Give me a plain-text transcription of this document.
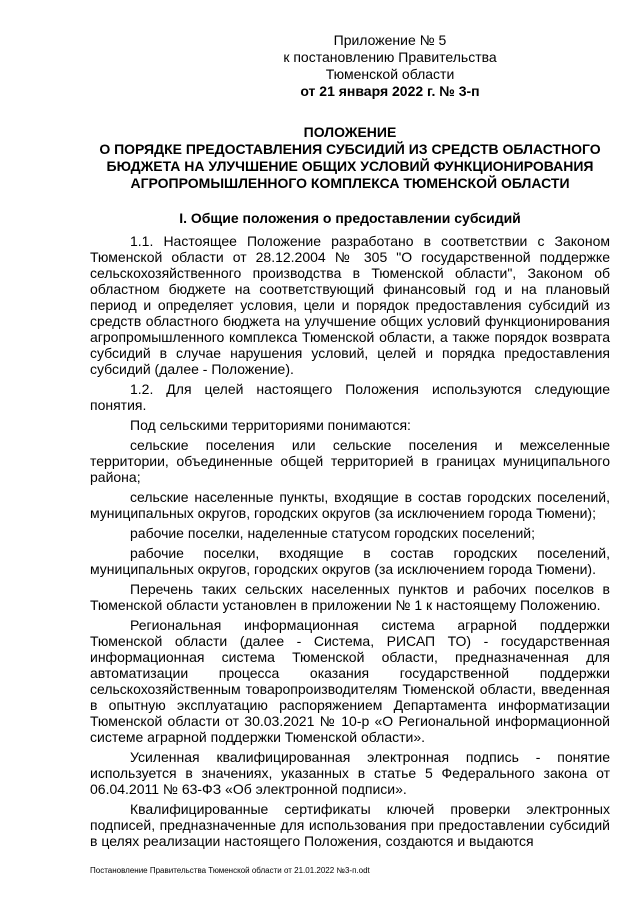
Приложение № 5
к постановлению Правительства
Тюменской области
от 21 января 2022 г. № 3-п
ПОЛОЖЕНИЕ
О ПОРЯДКЕ ПРЕДОСТАВЛЕНИЯ СУБСИДИЙ ИЗ СРЕДСТВ ОБЛАСТНОГО
БЮДЖЕТА НА УЛУЧШЕНИЕ ОБЩИХ УСЛОВИЙ ФУНКЦИОНИРОВАНИЯ
АГРОПРОМЫШЛЕННОГО КОМПЛЕКСА ТЮМЕНСКОЙ ОБЛАСТИ
I. Общие положения о предоставлении субсидий

1.1. Настоящее Положение разработано в соответствии с Законом Тюменской области от 28.12.2004 № 305 "О государственной поддержке сельскохозяйственного производства в Тюменской области", Законом об областном бюджете на соответствующий финансовый год и на плановый период и определяет условия, цели и порядок предоставления субсидий из средств областного бюджета на улучшение общих условий функционирования агропромышленного комплекса Тюменской области, а также порядок возврата субсидий в случае нарушения условий, целей и порядка предоставления субсидий (далее - Положение).

1.2. Для целей настоящего Положения используются следующие понятия.

Под сельскими территориями понимаются:

сельские поселения или сельские поселения и межселенные территории, объединенные общей территорией в границах муниципального района;

сельские населенные пункты, входящие в состав городских поселений, муниципальных округов, городских округов (за исключением города Тюмени);

рабочие поселки, наделенные статусом городских поселений;

рабочие поселки, входящие в состав городских поселений, муниципальных округов, городских округов (за исключением города Тюмени).

Перечень таких сельских населенных пунктов и рабочих поселков в Тюменской области установлен в приложении № 1 к настоящему Положению.

Региональная информационная система аграрной поддержки Тюменской области (далее - Система, РИСАП ТО) - государственная информационная система Тюменской области, предназначенная для автоматизации процесса оказания государственной поддержки сельскохозяйственным товаропроизводителям Тюменской области, введенная в опытную эксплуатацию распоряжением Департамента информатизации Тюменской области от 30.03.2021 № 10-р «О Региональной информационной системе аграрной поддержки Тюменской области».

Усиленная квалифицированная электронная подпись - понятие используется в значениях, указанных в статье 5 Федерального закона от 06.04.2011 № 63-ФЗ «Об электронной подписи».

Квалифицированные сертификаты ключей проверки электронных подписей, предназначенные для использования при предоставлении субсидий в целях реализации настоящего Положения, создаются и выдаются

Постановление Правительства Тюменской области от 21.01.2022 №3-п.odt
